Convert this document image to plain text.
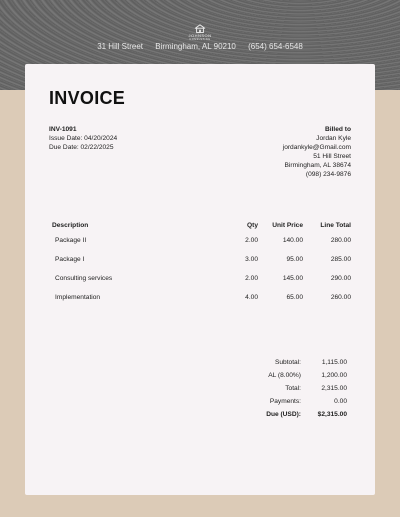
JOHNSON
CONSULTING
31 Hill Street Birmingham, AL 90210 (654) 654-6548
INVOICE
INV-1091
Issue Date: 04/20/2024
Due Date: 02/22/2025
Billed to
Jordan Kyle
jordankyle@Gmail.com
51 Hill Street
Birmingham, AL 38674
(098) 234-9876
Description	Qty	Unit Price	Line Total
Package II	2.00	140.00	280.00
Package I	3.00	95.00	285.00
Consulting services	2.00	145.00	290.00
Implementation	4.00	65.00	260.00
Subtotal:	1,115.00
AL (8.00%)	1,200.00
Total:	2,315.00
Payments:	0.00
Due (USD):	$2,315.00
